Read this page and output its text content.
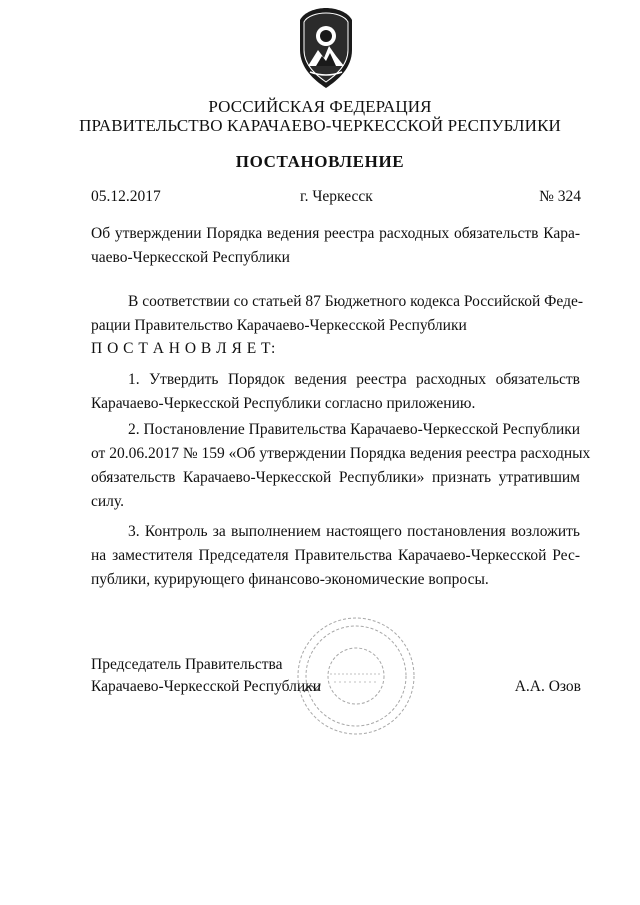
РОССИЙСКАЯ ФЕДЕРАЦИЯ
ПРАВИТЕЛЬСТВО КАРАЧАЕВО-ЧЕРКЕССКОЙ РЕСПУБЛИКИ
ПОСТАНОВЛЕНИЕ
05.12.2017	г. Черкесск	№ 324
Об утверждении Порядка ведения реестра расходных обязательств Кара-
чаево-Черкесской Республики
В соответствии со статьей 87 Бюджетного кодекса Российской Феде-
рации Правительство Карачаево-Черкесской Республики
П О С Т А Н О В Л Я Е Т:
1. Утвердить Порядок ведения реестра расходных обязательств
Карачаево-Черкесской Республики согласно приложению.
2. Постановление Правительства Карачаево-Черкесской Республики
от 20.06.2017 № 159 «Об утверждении Порядка ведения реестра расходных
обязательств Карачаево-Черкесской Республики» признать утратившим
силу.
3. Контроль за выполнением настоящего постановления возложить
на заместителя Председателя Правительства Карачаево-Черкесской Рес-
публики, курирующего финансово-экономические вопросы.
Председатель Правительства
Карачаево-Черкесской Республики	А.А. Озов
